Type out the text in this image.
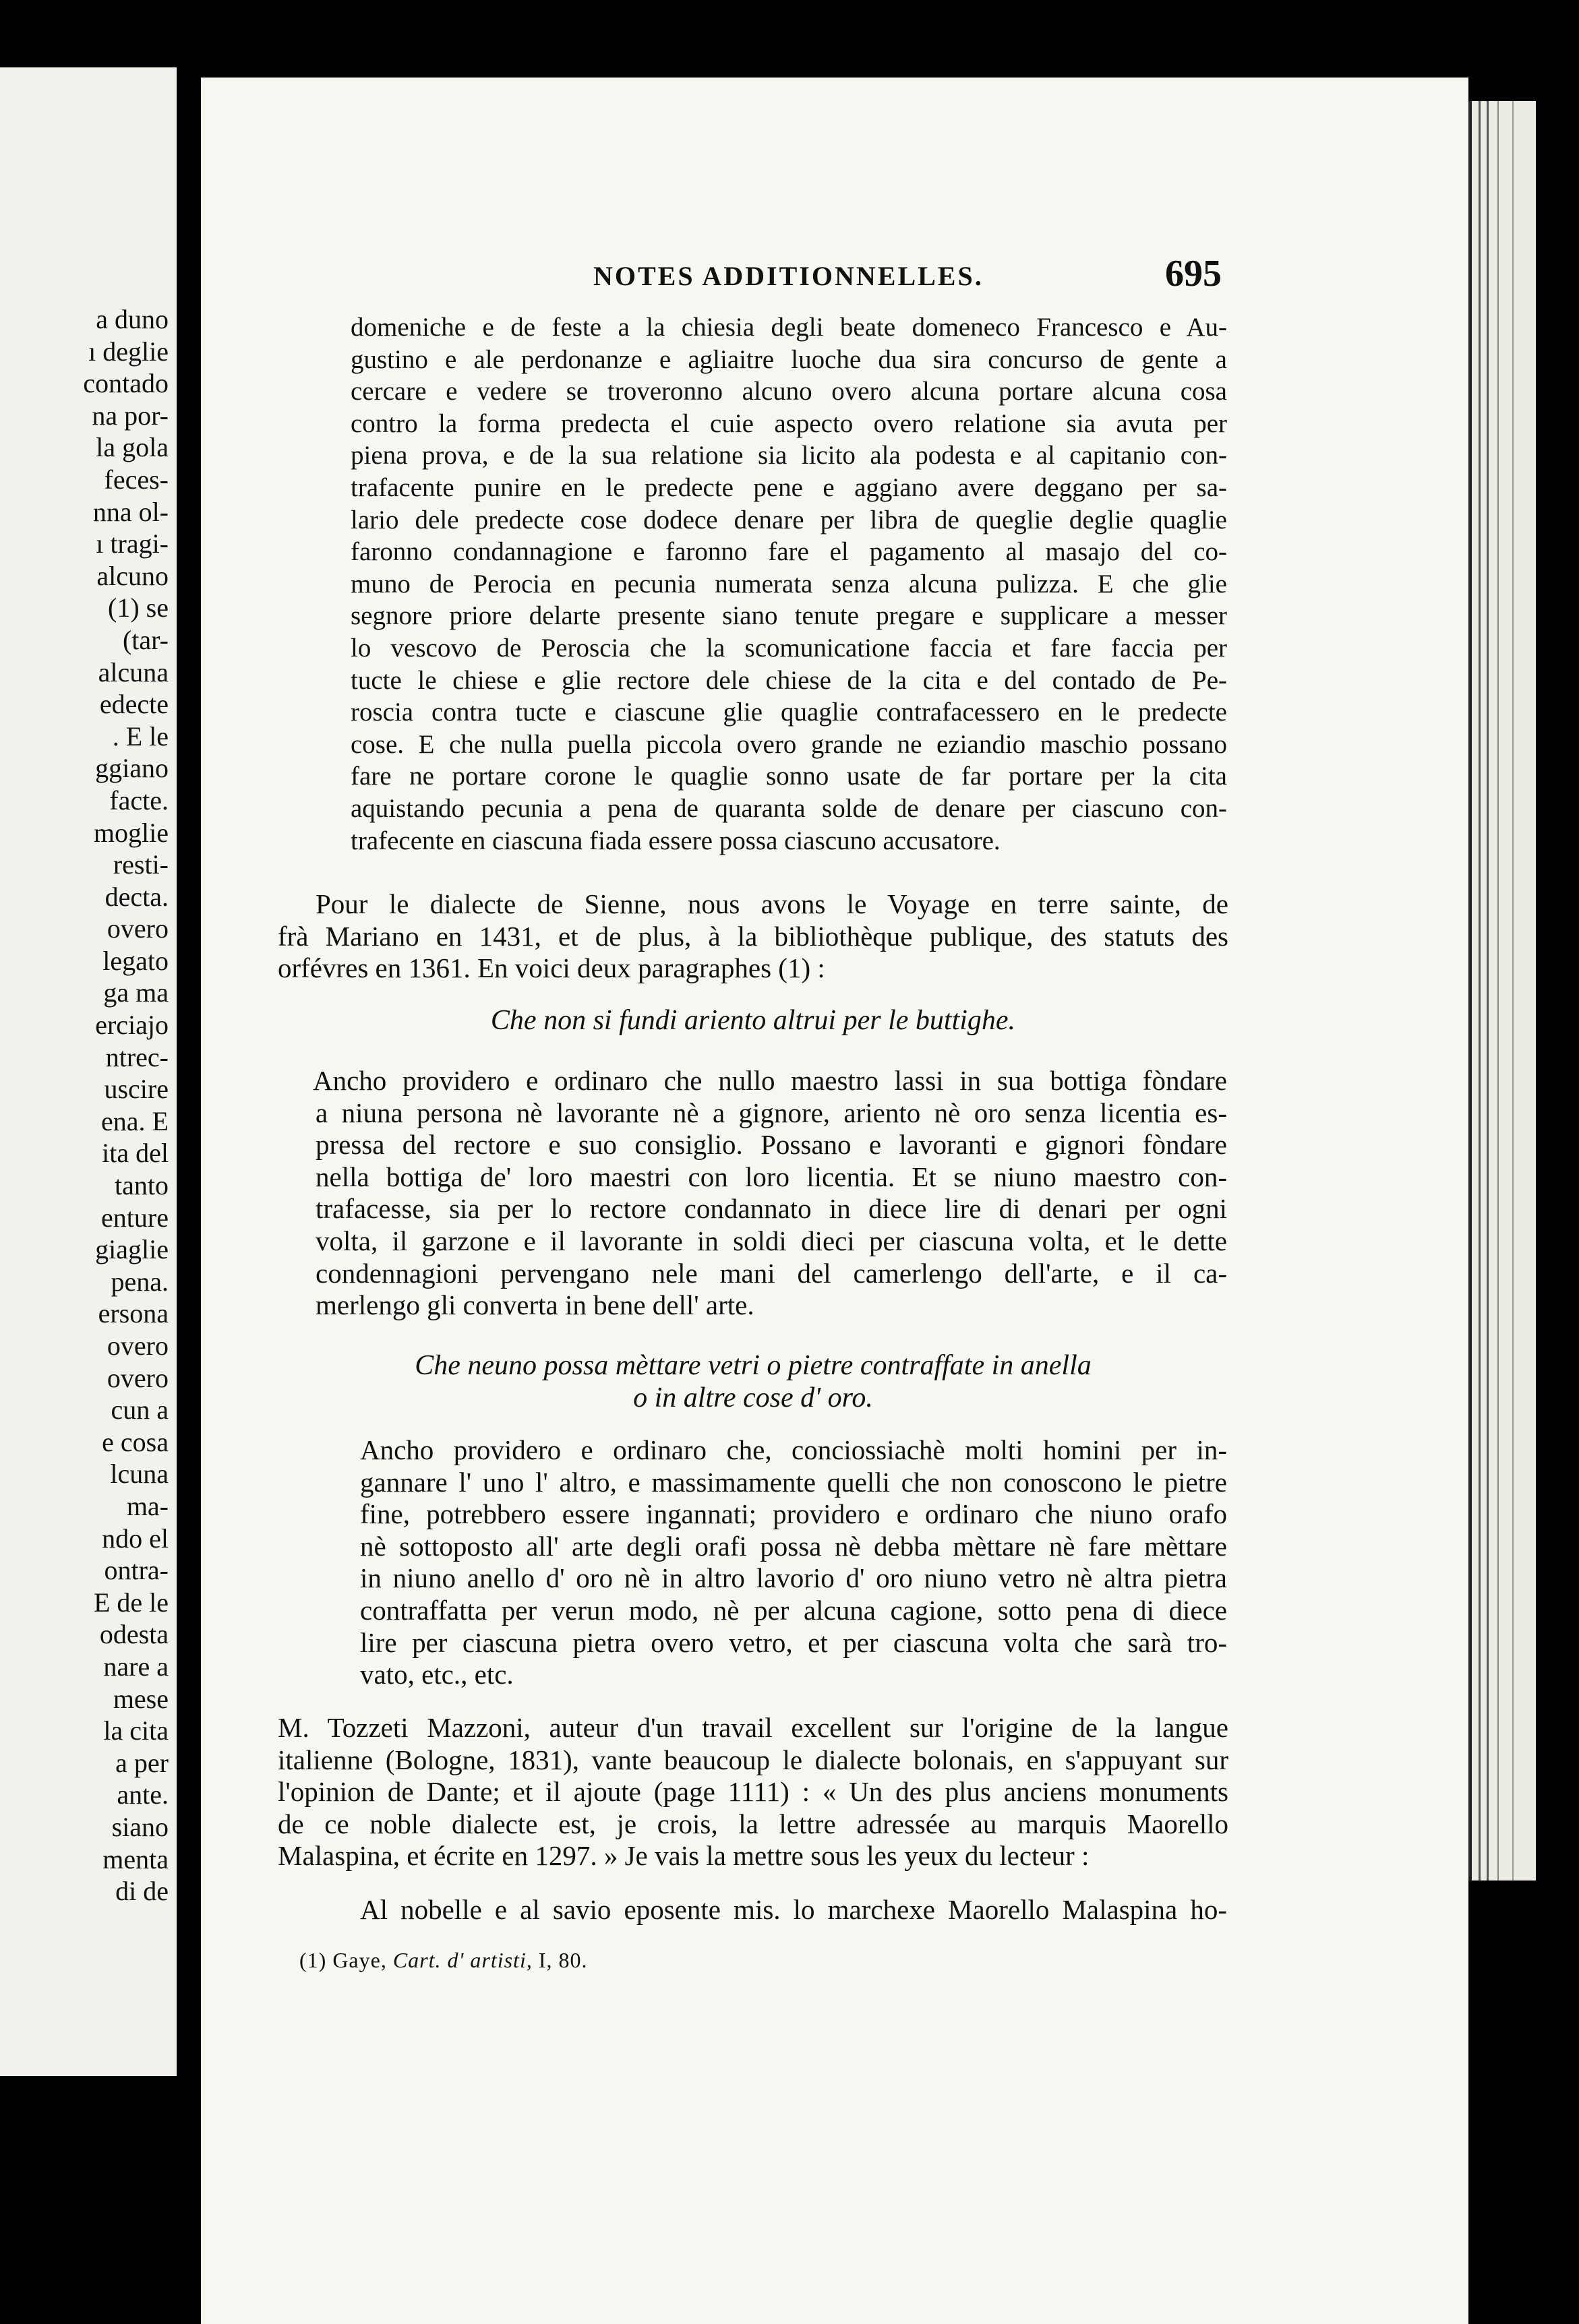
a duno
ı deglie
contado
na por-
la gola
feces-
nna ol-
ı tragi-
alcuno
(1) se
(tar-
alcuna
edecte
. E le
ggiano
facte.
moglie
resti-
decta.
overo
legato
ga ma
erciajo
ntrec-
uscire
ena. E
ita del
tanto
enture
giaglie
pena.
ersona
overo
overo
cun a
e cosa
lcuna
ma-
ndo el
ontra-
E de le
odesta
nare a
mese
la cita
a per
ante.
siano
menta
di de
NOTES ADDITIONNELLES.	695
domeniche e de feste a la chiesia degli beate domeneco Francesco e Au-
gustino e ale perdonanze e agliaitre luoche dua sira concurso de gente a
cercare e vedere se troveronno alcuno overo alcuna portare alcuna cosa
contro la forma predecta el cuie aspecto overo relatione sia avuta per
piena prova, e de la sua relatione sia licito ala podesta e al capitanio con-
trafacente punire en le predecte pene e aggiano avere deggano per sa-
lario dele predecte cose dodece denare per libra de queglie deglie quaglie
faronno condannagione e faronno fare el pagamento al masajo del co-
muno de Perocia en pecunia numerata senza alcuna pulizza. E che glie
segnore priore delarte presente siano tenute pregare e supplicare a messer
lo vescovo de Peroscia che la scomunicatione faccia et fare faccia per
tucte le chiese e glie rectore dele chiese de la cita e del contado de Pe-
roscia contra tucte e ciascune glie quaglie contrafacessero en le predecte
cose. E che nulla puella piccola overo grande ne eziandio maschio possano
fare ne portare corone le quaglie sonno usate de far portare per la cita
aquistando pecunia a pena de quaranta solde de denare per ciascuno con-
trafecente en ciascuna fiada essere possa ciascuno accusatore.
Pour le dialecte de Sienne, nous avons le Voyage en terre sainte, de
frà Mariano en 1431, et de plus, à la bibliothèque publique, des statuts des
orfévres en 1361. En voici deux paragraphes (1) :
Che non si fundi ariento altrui per le buttighe.
Ancho providero e ordinaro che nullo maestro lassi in sua bottiga fòndare
a niuna persona nè lavorante nè a gignore, ariento nè oro senza licentia es-
pressa del rectore e suo consiglio. Possano e lavoranti e gignori fòndare
nella bottiga de' loro maestri con loro licentia. Et se niuno maestro con-
trafacesse, sia per lo rectore condannato in diece lire di denari per ogni
volta, il garzone e il lavorante in soldi dieci per ciascuna volta, et le dette
condennagioni pervengano nele mani del camerlengo dell'arte, e il ca-
merlengo gli converta in bene dell' arte.
Che neuno possa mèttare vetri o pietre contraffate in anella
o in altre cose d' oro.
Ancho providero e ordinaro che, conciossiachè molti homini per in-
gannare l' uno l' altro, e massimamente quelli che non conoscono le pietre
fine, potrebbero essere ingannati; providero e ordinaro che niuno orafo
nè sottoposto all' arte degli orafi possa nè debba mèttare nè fare mèttare
in niuno anello d' oro nè in altro lavorio d' oro niuno vetro nè altra pietra
contraffatta per verun modo, nè per alcuna cagione, sotto pena di diece
lire per ciascuna pietra overo vetro, et per ciascuna volta che sarà tro-
vato, etc., etc.
M. Tozzeti Mazzoni, auteur d'un travail excellent sur l'origine de la langue
italienne (Bologne, 1831), vante beaucoup le dialecte bolonais, en s'appuyant sur
l'opinion de Dante; et il ajoute (page 1111) : « Un des plus anciens monuments
de ce noble dialecte est, je crois, la lettre adressée au marquis Maorello
Malaspina, et écrite en 1297. » Je vais la mettre sous les yeux du lecteur :
Al nobelle e al savio eposente mis. lo marchexe Maorello Malaspina ho-
(1) Gaye, Cart. d' artisti, I, 80.
